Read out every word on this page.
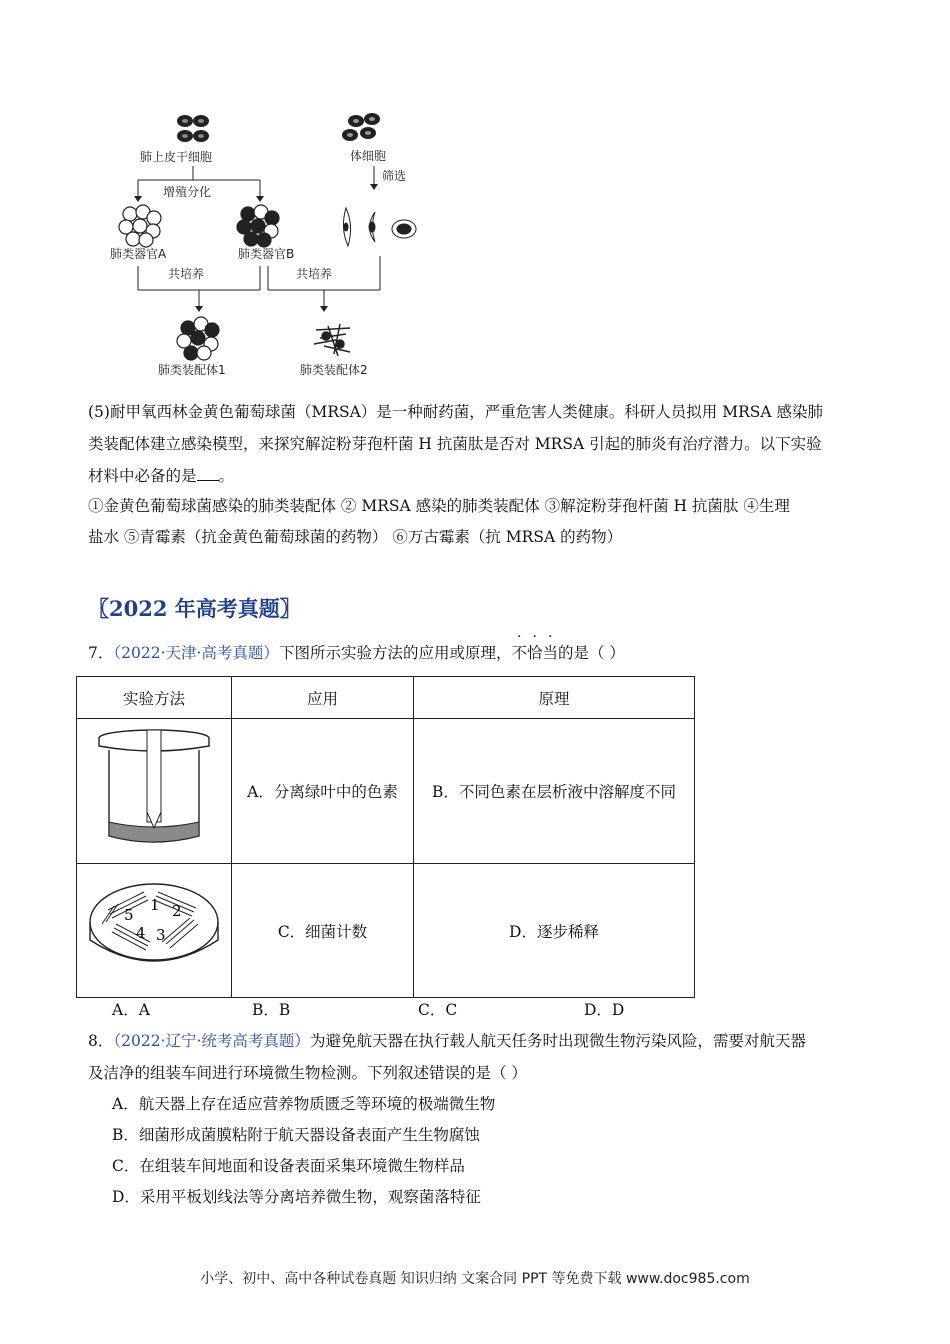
肺上皮干细胞
增殖分化
肺类器官A	肺类器官B
体细胞
筛选
共培养	共培养
肺类装配体1	肺类装配体2
(5)耐甲氧西林金黄色葡萄球菌（MRSA）是一种耐药菌，严重危害人类健康。科研人员拟用 MRSA 感染肺
类装配体建立感染模型，来探究解淀粉芽孢杆菌 H 抗菌肽是否对 MRSA 引起的肺炎有治疗潜力。以下实验
材料中必备的是 。
①金黄色葡萄球菌感染的肺类装配体 ② MRSA 感染的肺类装配体 ③解淀粉芽孢杆菌 H 抗菌肽 ④生理
盐水 ⑤青霉素（抗金黄色葡萄球菌的药物） ⑥万古霉素（抗 MRSA 的药物）
〖2022 年高考真题〗
7．（2022·天津·高考真题）下图所示实验方法的应用或原理，不恰当的是（ ）
实验方法	应用	原理
	A．分离绿叶中的色素	B．不同色素在层析液中溶解度不同

5
1 2
4 3	C．细菌计数	D．逐步稀释
A．A	B．B	C．C	D．D
8．（2022·辽宁·统考高考真题）为避免航天器在执行载人航天任务时出现微生物污染风险，需要对航天器
及洁净的组装车间进行环境微生物检测。下列叙述错误的是（ ）
A．航天器上存在适应营养物质匮乏等环境的极端微生物
B．细菌形成菌膜粘附于航天器设备表面产生生物腐蚀
C．在组装车间地面和设备表面采集环境微生物样品
D．采用平板划线法等分离培养微生物，观察菌落特征
小学、初中、高中各种试卷真题 知识归纳 文案合同 PPT 等免费下载 www.doc985.com
